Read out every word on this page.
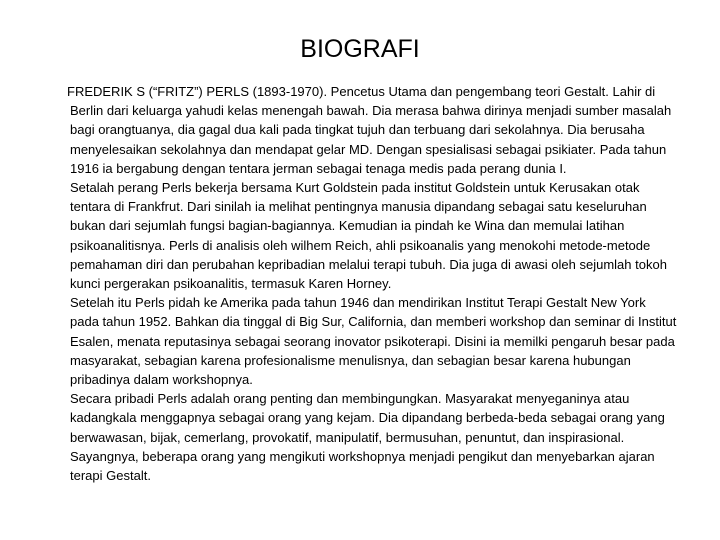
BIOGRAFI

FREDERIK S (“FRITZ”) PERLS (1893-1970). Pencetus Utama dan pengembang teori Gestalt. Lahir di Berlin dari keluarga yahudi kelas menengah bawah. Dia merasa bahwa dirinya menjadi sumber masalah bagi orangtuanya, dia gagal dua kali pada tingkat tujuh dan terbuang dari sekolahnya. Dia berusaha menyelesaikan sekolahnya dan mendapat gelar MD. Dengan spesialisasi sebagai psikiater. Pada tahun 1916 ia bergabung dengan tentara jerman sebagai tenaga medis pada perang dunia I.

Setalah perang Perls bekerja bersama Kurt Goldstein pada institut Goldstein untuk Kerusakan otak tentara di Frankfrut. Dari sinilah ia melihat pentingnya manusia dipandang sebagai satu keseluruhan bukan dari sejumlah fungsi bagian-bagiannya. Kemudian ia pindah ke Wina dan memulai latihan psikoanalitisnya. Perls di analisis oleh wilhem Reich, ahli psikoanalis yang menokohi metode-metode pemahaman diri dan perubahan kepribadian melalui terapi tubuh. Dia juga di awasi oleh sejumlah tokoh kunci pergerakan psikoanalitis, termasuk Karen Horney.

Setelah itu Perls pidah ke Amerika pada tahun 1946 dan mendirikan Institut Terapi Gestalt New York pada tahun 1952. Bahkan dia tinggal di Big Sur, California, dan memberi workshop dan seminar di Institut Esalen, menata reputasinya sebagai seorang inovator psikoterapi. Disini ia memilki pengaruh besar pada masyarakat, sebagian karena profesionalisme menulisnya, dan sebagian besar karena hubungan pribadinya dalam workshopnya.

Secara pribadi Perls adalah orang penting dan membingungkan. Masyarakat menyeganinya atau kadangkala menggapnya sebagai orang yang kejam. Dia dipandang berbeda-beda sebagai orang yang berwawasan, bijak, cemerlang, provokatif, manipulatif, bermusuhan, penuntut, dan inspirasional. Sayangnya, beberapa orang yang mengikuti workshopnya menjadi pengikut dan menyebarkan ajaran terapi Gestalt.
